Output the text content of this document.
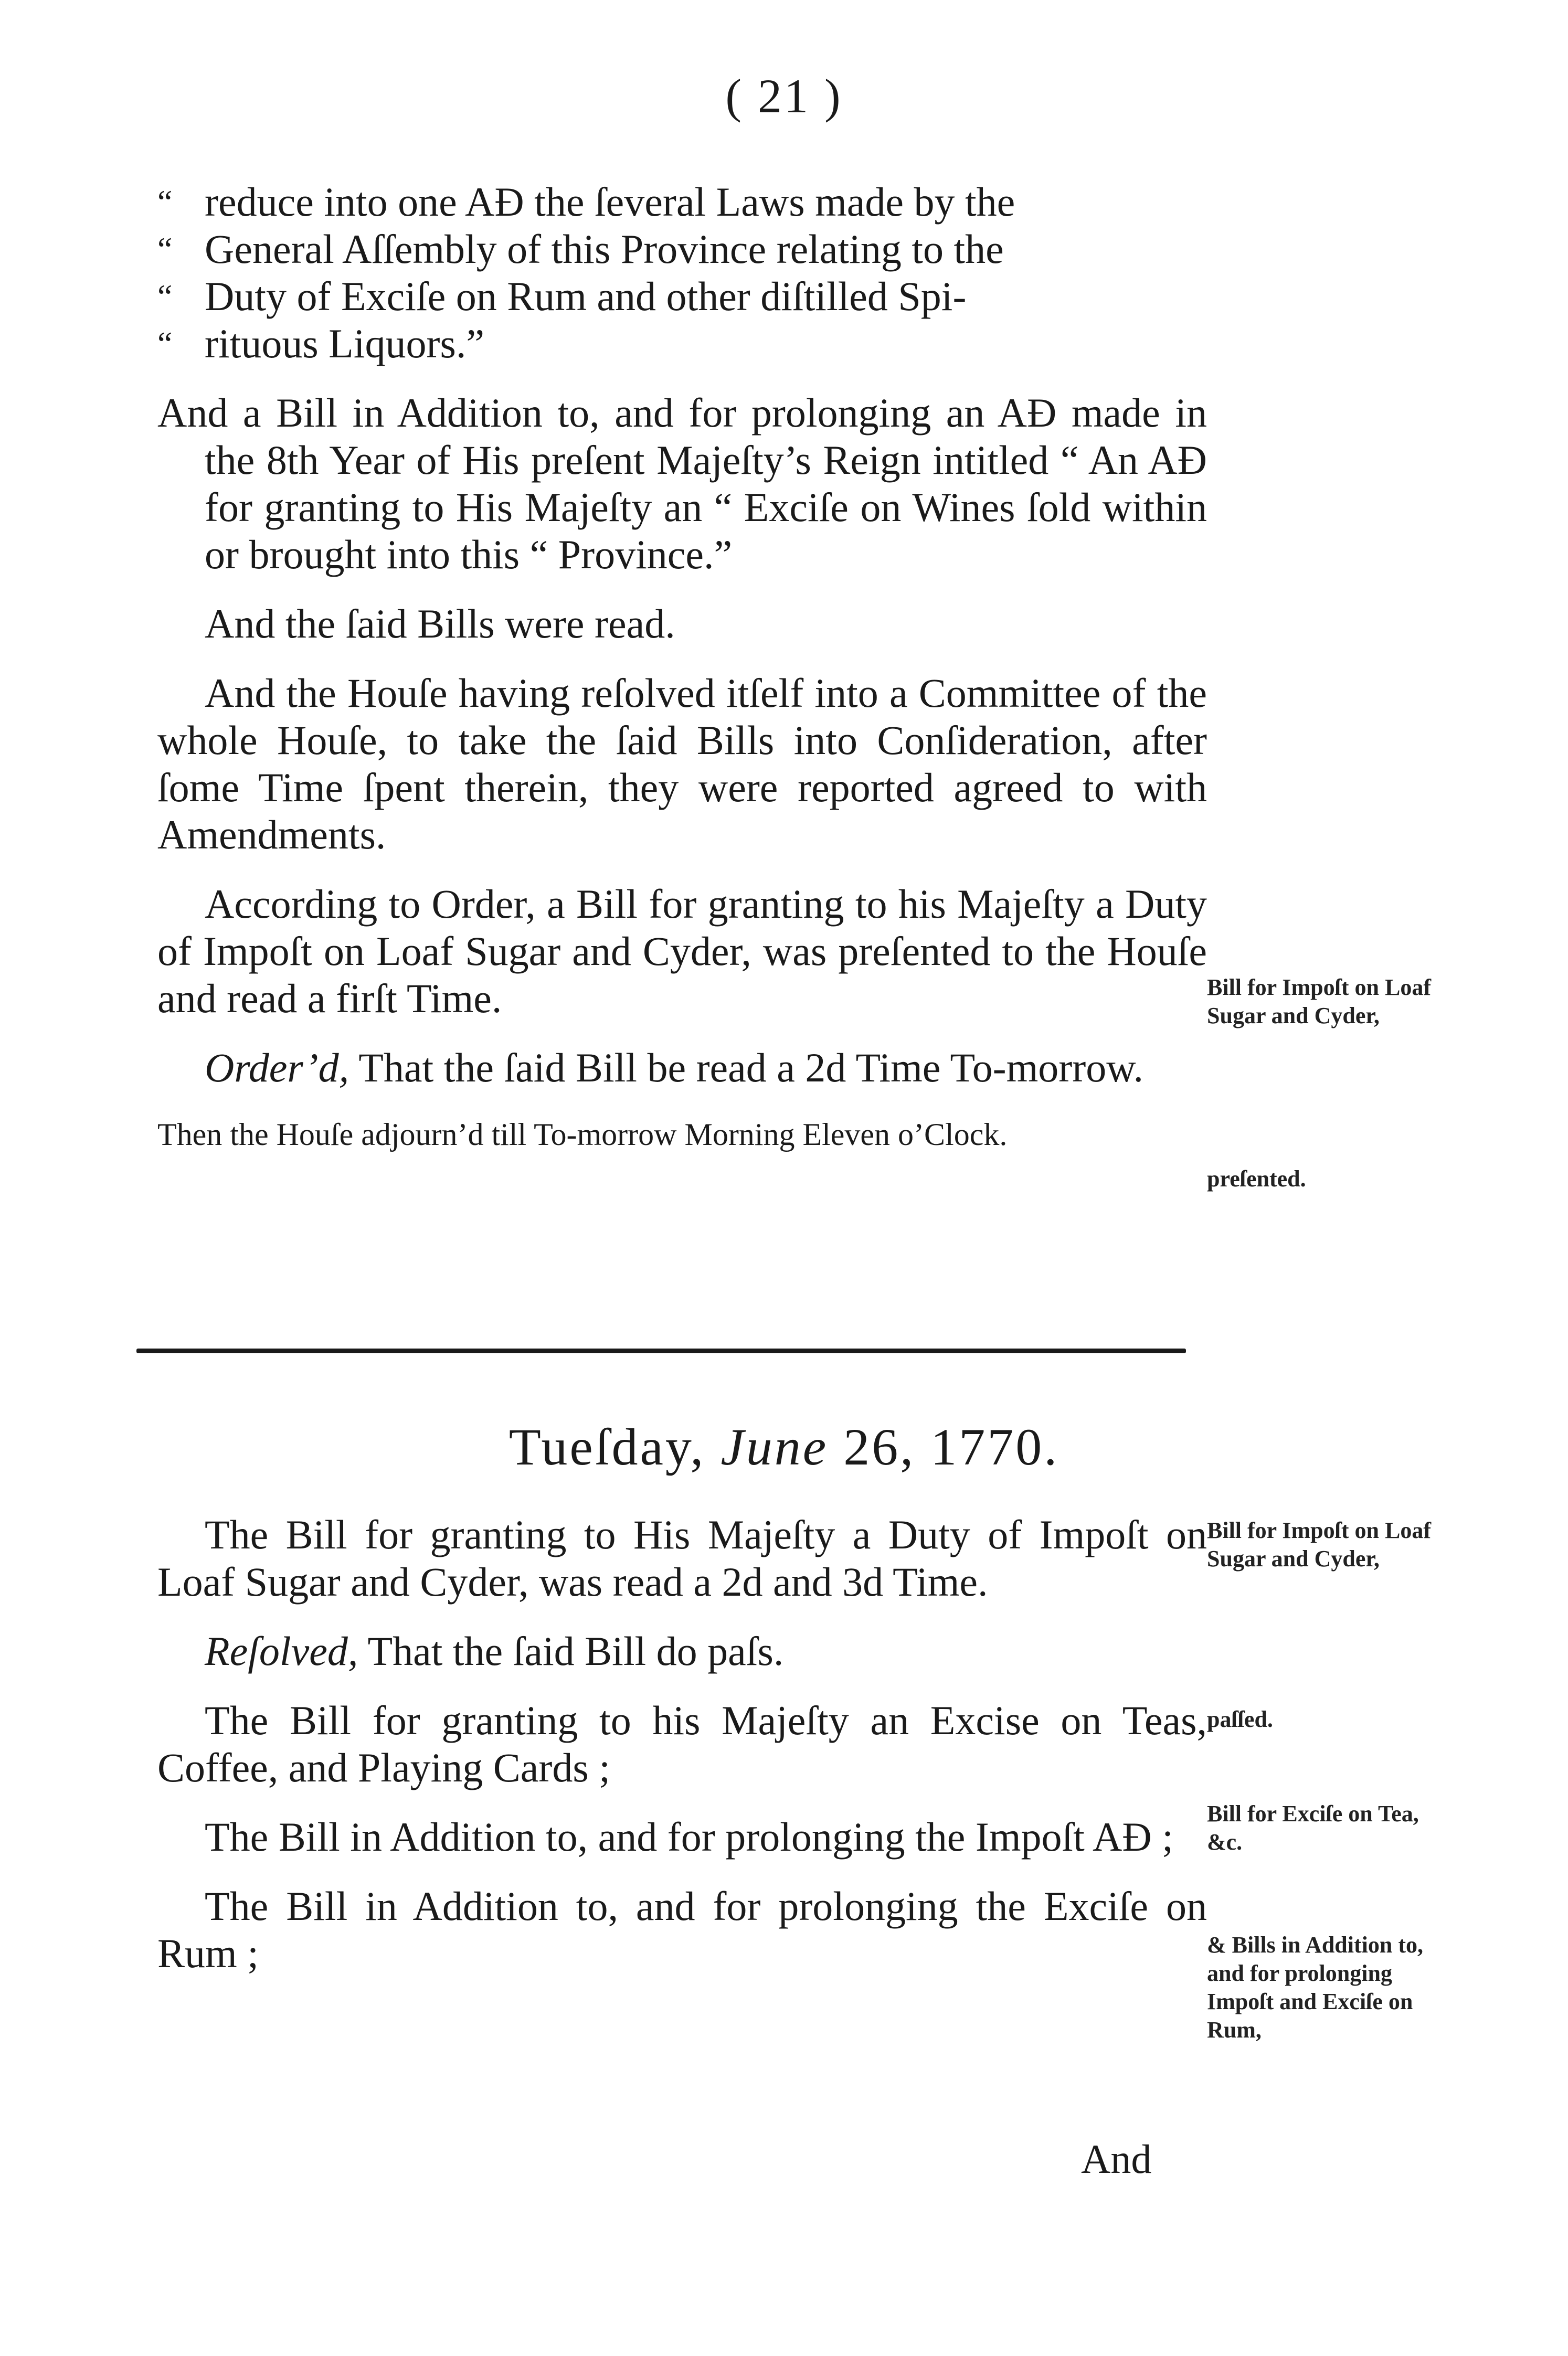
( 21 )
“ reduce into one AƉ the ſeveral Laws made by the
“ General Aſſembly of this Province relating to the
“ Duty of Exciſe on Rum and other diſtilled Spi-
“ rituous Liquors.”

And a Bill in Addition to, and for prolonging an AƉ made in the 8th Year of His preſent Majeſty’s Reign intitled “ An AƉ for granting to His Majeſty an “ Exciſe on Wines ſold within or brought into this “ Province.”

And the ſaid Bills were read.

And the Houſe having reſolved itſelf into a Committee of the whole Houſe, to take the ſaid Bills into Conſideration, after ſome Time ſpent therein, they were reported agreed to with Amendments.

According to Order, a Bill for granting to his Majeſty a Duty of Impoſt on Loaf Sugar and Cyder, was preſented to the Houſe and read a firſt Time.

Order’d, That the ſaid Bill be read a 2d Time To-morrow.

Then the Houſe adjourn’d till To-morrow Morning Eleven o’Clock.

Bill for Impoſt on Loaf Sugar and Cyder,
preſented.
Tueſday, June 26, 1770.

The Bill for granting to His Majeſty a Duty of Impoſt on Loaf Sugar and Cyder, was read a 2d and 3d Time.

Reſolved, That the ſaid Bill do paſs.

The Bill for granting to his Majeſty an Excise on Teas, Coffee, and Playing Cards ;

The Bill in Addition to, and for prolonging the Impoſt AƉ ;

The Bill in Addition to, and for prolonging the Exciſe on Rum ;

Bill for Impoſt on Loaf Sugar and Cyder,
paſſed.
Bill for Exciſe on Tea, &c.
& Bills in Addition to, and for prolonging Impoſt and Exciſe on Rum,
And
